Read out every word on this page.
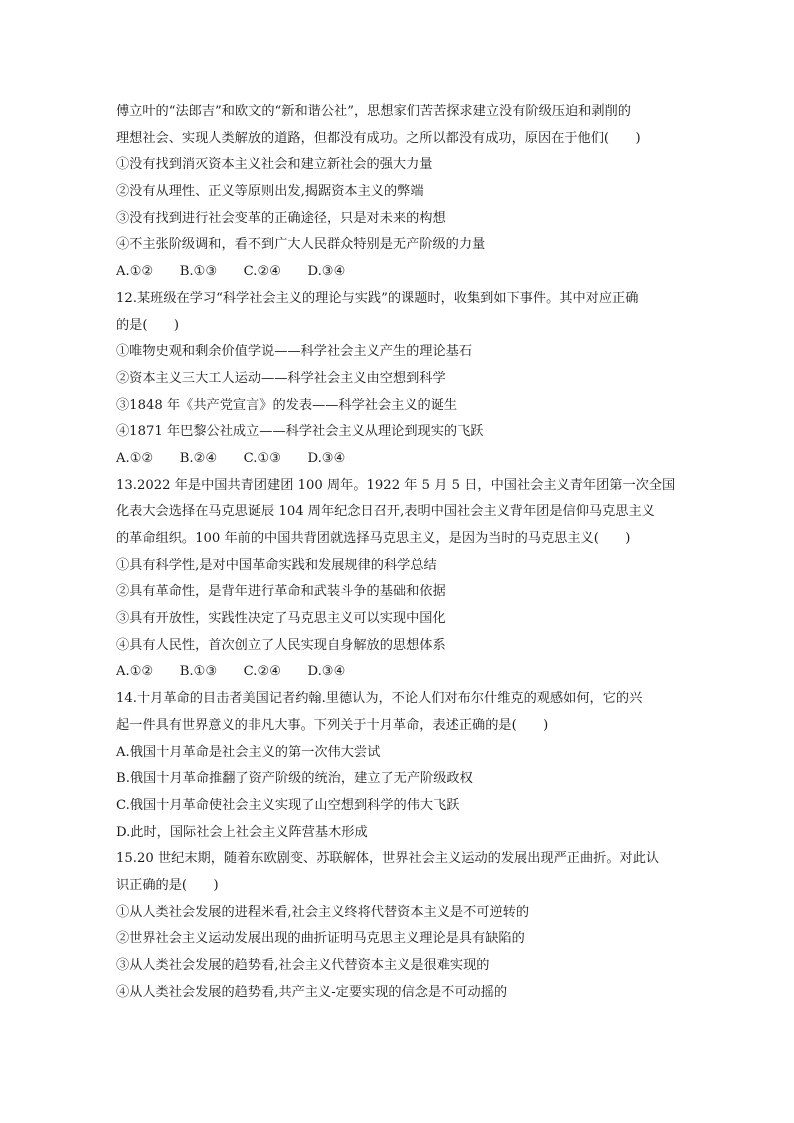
傅立叶的“法郎吉”和欧文的“新和谐公社”，思想家们苦苦探求建立没有阶级压迫和剥削的
理想社会、实现人类解放的道路，但都没有成功。之所以都没有成功，原因在于他们(　　)
①没有找到消灭资本主义社会和建立新社会的强大力量
②没有从理性、正义等原则出发,揭踞资本主义的弊端
③没有找到进行社会变革的正确途径，只是对未来的构想
④不主张阶级调和，看不到广大人民群众特别是无产阶级的力量
A.①②　　B.①③　　C.②④　　D.③④
12.某班级在学习“科学社会主义的理论与实践”的课题时，收集到如下事件。其中对应正确
的是(　　)
①唯物史观和剩余价值学说——科学社会主义产生的理论基石
②资本主义三大工人运动——科学社会主义由空想到科学
③1848 年《共产党宣言》的发表——科学社会主义的诞生
④1871 年巴黎公社成立——科学社会主义从理论到现实的飞跃
A.①②　　B.②④　　C.①③　　D.③④
13.2022 年是中国共青团建团 100 周年。1922 年 5 月 5 日，中国社会主义青年团第一次全国
化表大会选择在马克思诞辰 104 周年纪念日召开,表明中国社会主义背年团是信仰马克思主义
的革命组织。100 年前的中国共背团就选择马克思主义，是因为当时的马克思主义(　　)
①具有科学性,是对中国革命实践和发展规律的科学总结
②具有革命性，是背年进行革命和武装斗争的基础和依据
③具有开放性，实践性决定了马克思主义可以实现中国化
④具有人民性，首次创立了人民实现自身解放的思想体系
A.①②　　B.①③　　C.②④　　D.③④
14.十月革命的目击者美国记者约翰.里德认为，不论人们对布尔什维克的观感如何，它的兴
起一件具有世界意义的非凡大事。下列关于十月革命，表述正确的是(　　)
A.俄国十月革命是社会主义的第一次伟大尝试
B.俄国十月革命推翻了资产阶级的统治，建立了无产阶级政权
C.俄国十月革命使社会主义实现了山空想到科学的伟大飞跃
D.此时，国际社会上社会主义阵营基木形成
15.20 世纪末期，随着东欧剧变、苏联解体，世界社会主义运动的发展出现严正曲折。对此认
识正确的是(　　)
①从人类社会发展的进程米看,社会主义终将代替资本主义是不可逆转的
②世界社会主义运动发展出现的曲折证明马克思主义理论是具有缺陷的
③从人类社会发展的趋势看,社会主义代替资本主义是很难实现的
④从人类社会发展的趋势看,共产主义-定要实现的信念是不可动摇的
